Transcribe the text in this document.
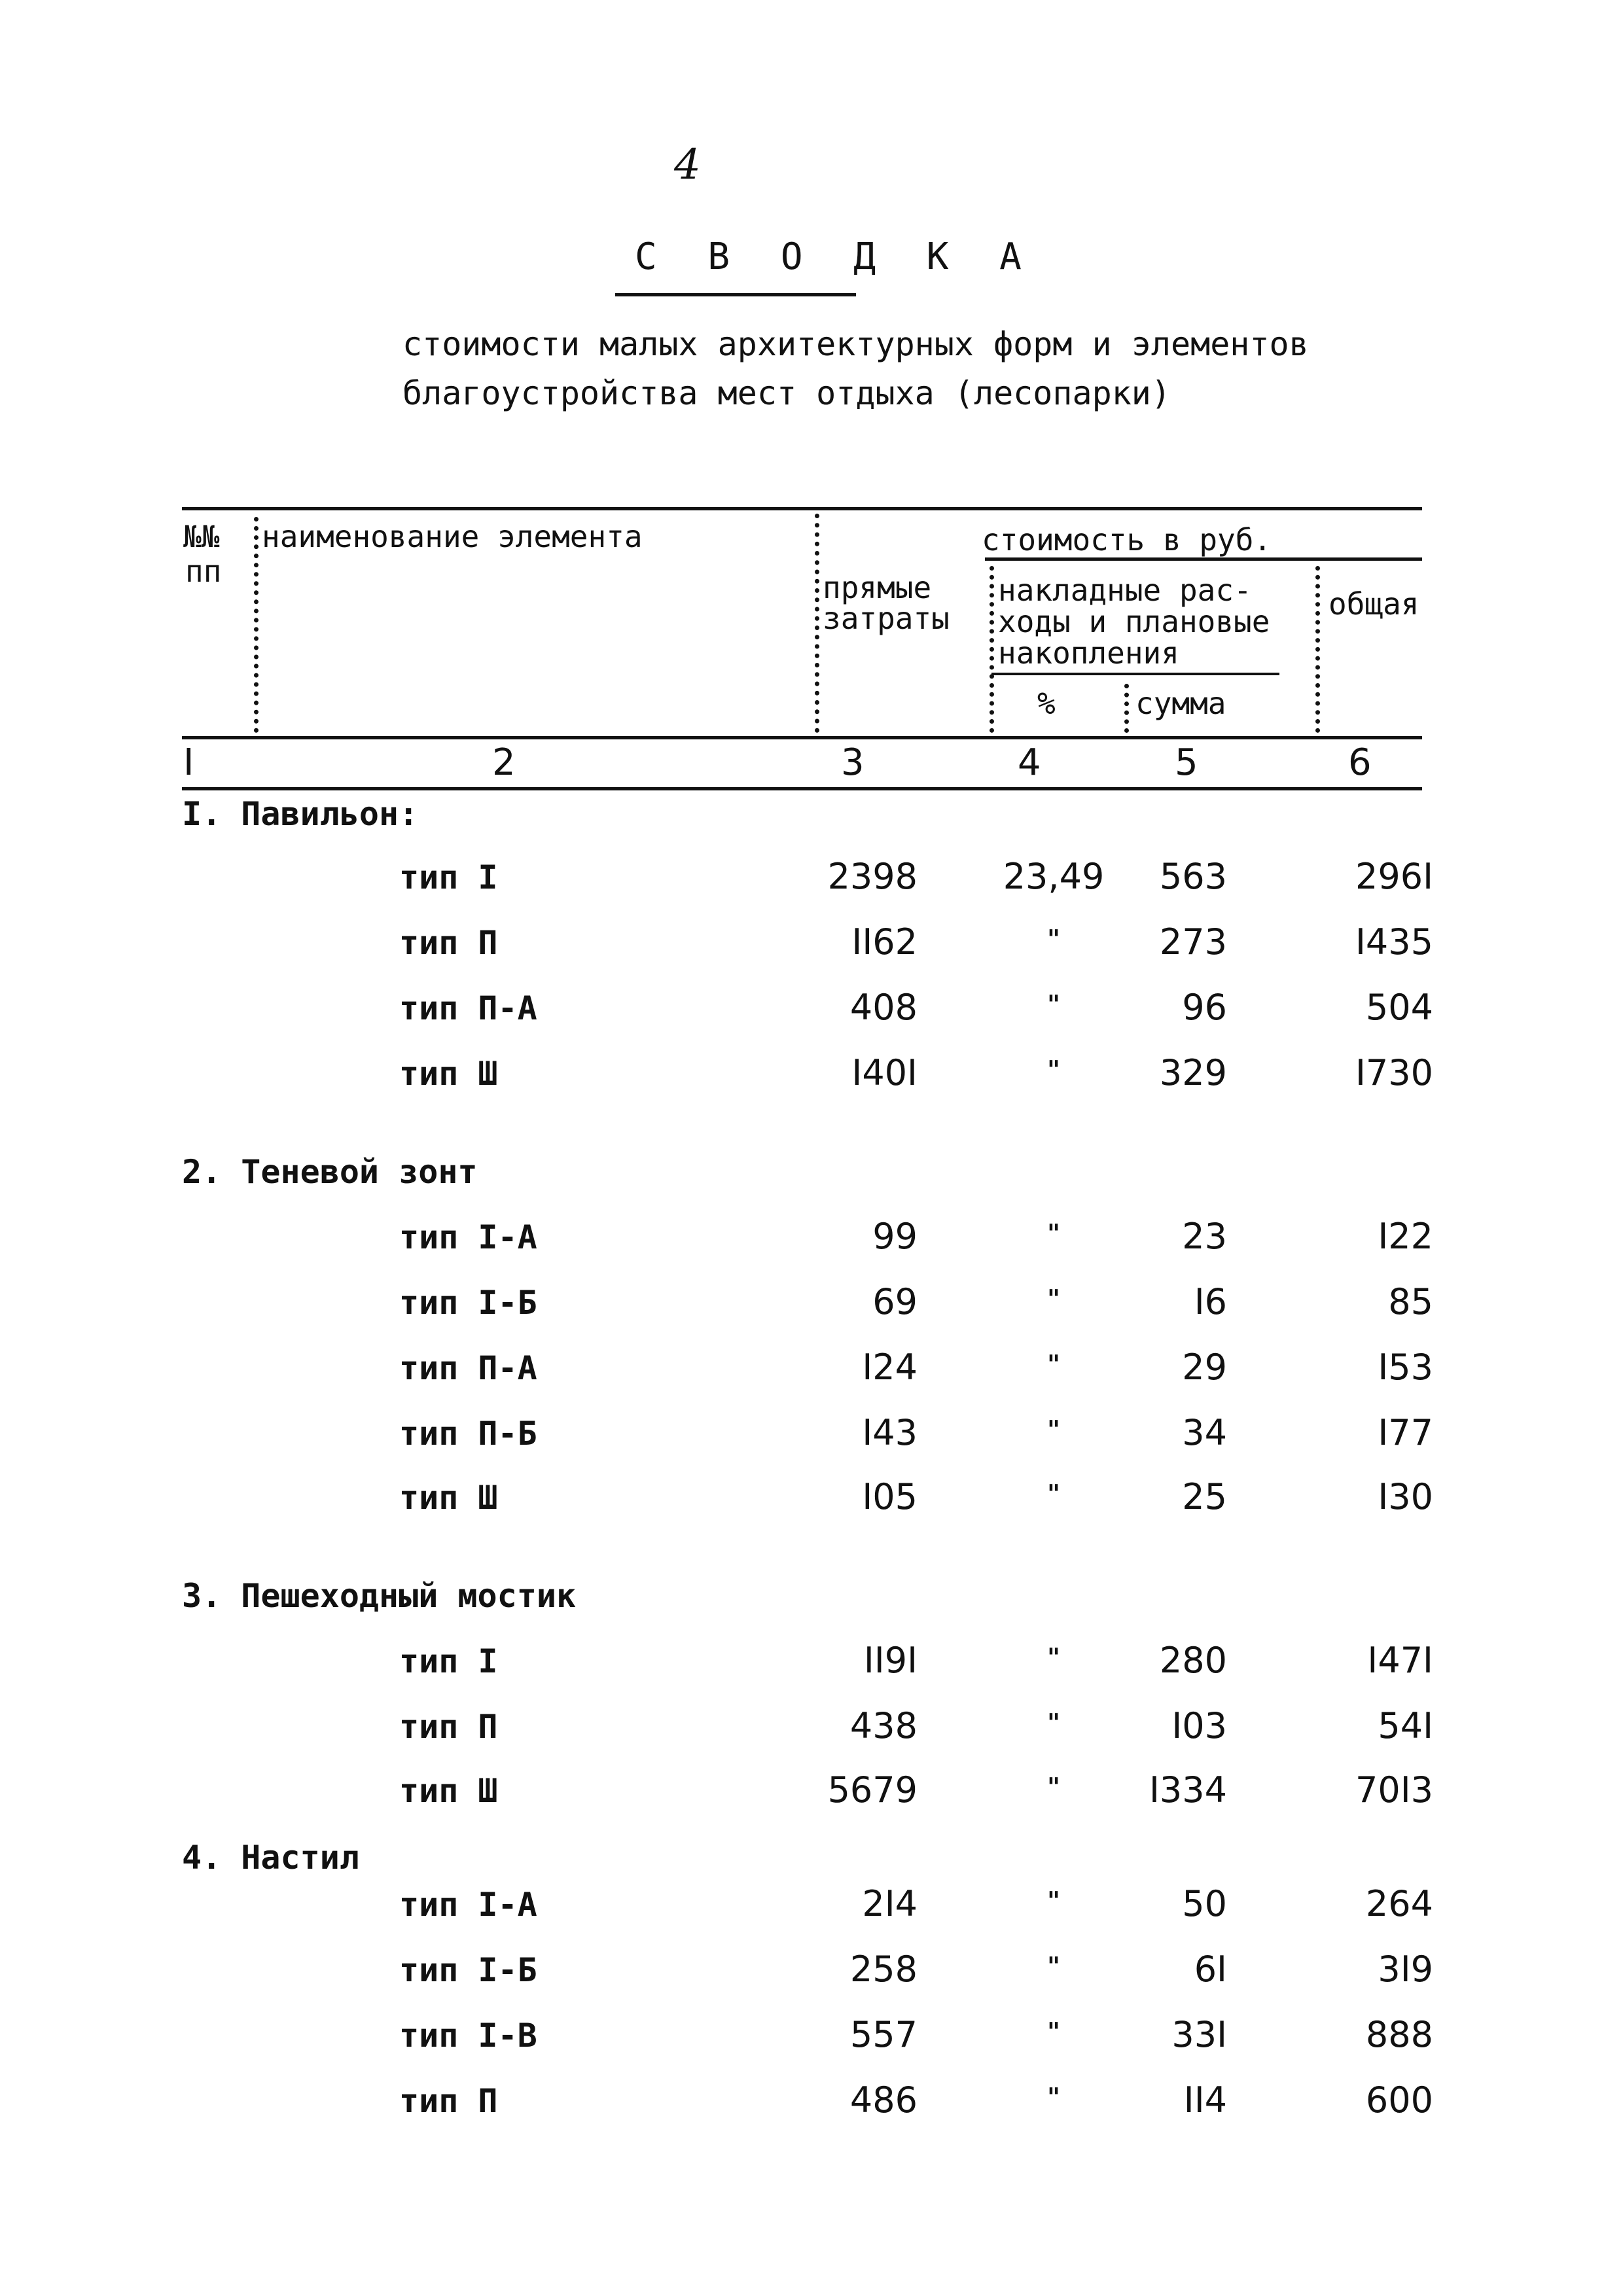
4
С В О Д К А
стоимости малых архитектурных форм и элементов
благоустройства мест отдыха (лесопарки)
№№
пп
наименование элемента	стоимость в руб.
прямые
затраты
накладные рас-
ходы и плановые
накопления
%	сумма
общая
I	2	3	4	5	6
I. Павильон:
тип I	2398	23,49	563	296I
тип П	II62	"	273	I435
тип П-А	408	"	96	504
тип Ш	I40I	"	329	I730
2. Теневой зонт
тип I-А	99	"	23	I22
тип I-Б	69	"	I6	85
тип П-А	I24	"	29	I53
тип П-Б	I43	"	34	I77
тип Ш	I05	"	25	I30
3. Пешеходный мостик
тип I	II9I	"	280	I47I
тип П	438	"	I03	54I
тип Ш	5679	"	I334	70I3
4. Настил
тип I-А	2I4	"	50	264
тип I-Б	258	"	6I	3I9
тип I-В	557	"	33I	888
тип П	486	"	II4	600
